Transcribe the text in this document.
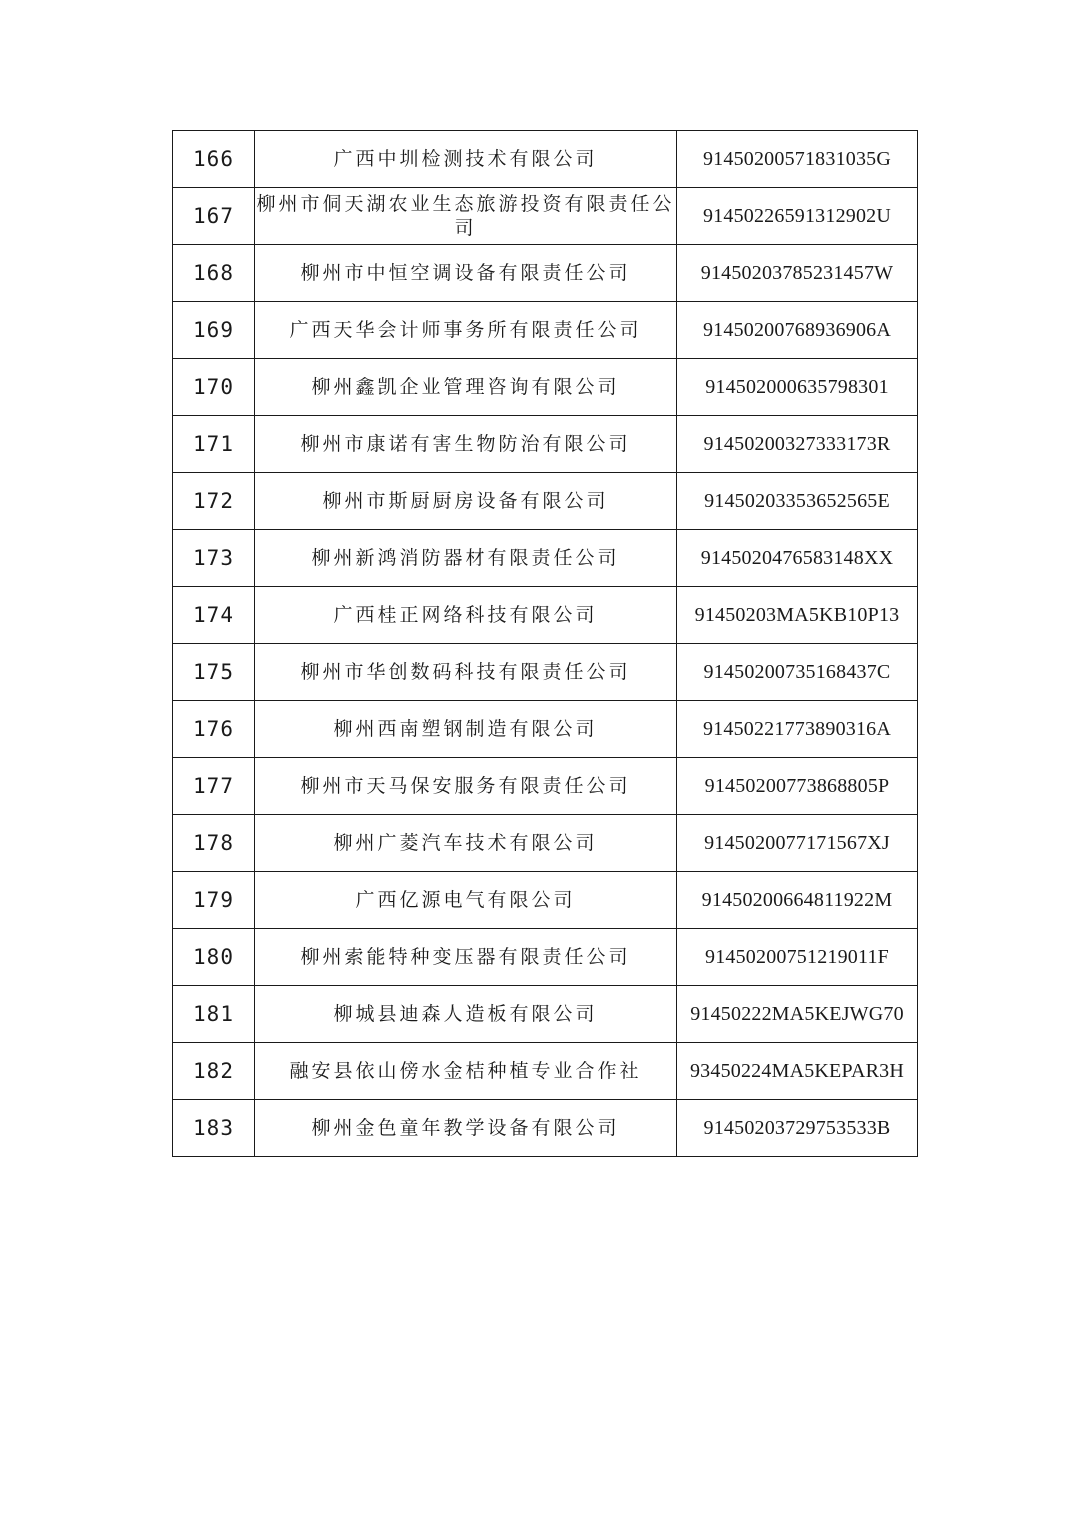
166	广西中圳检测技术有限公司	91450200571831035G
167	柳州市侗天湖农业生态旅游投资有限责任公司	91450226591312902U
168	柳州市中恒空调设备有限责任公司	91450203785231457W
169	广西天华会计师事务所有限责任公司	91450200768936906A
170	柳州鑫凯企业管理咨询有限公司	914502000635798301
171	柳州市康诺有害生物防治有限公司	91450200327333173R
172	柳州市斯厨厨房设备有限公司	91450203353652565E
173	柳州新鸿消防器材有限责任公司	9145020476583148XX
174	广西桂正网络科技有限公司	91450203MA5KB10P13
175	柳州市华创数码科技有限责任公司	91450200735168437C
176	柳州西南塑钢制造有限公司	91450221773890316A
177	柳州市天马保安服务有限责任公司	91450200773868805P
178	柳州广菱汽车技术有限公司	9145020077171567XJ
179	广西亿源电气有限公司	91450200664811922M
180	柳州索能特种变压器有限责任公司	91450200751219011F
181	柳城县迪森人造板有限公司	91450222MA5KEJWG70
182	融安县依山傍水金桔种植专业合作社	93450224MA5KEPAR3H
183	柳州金色童年教学设备有限公司	91450203729753533B
